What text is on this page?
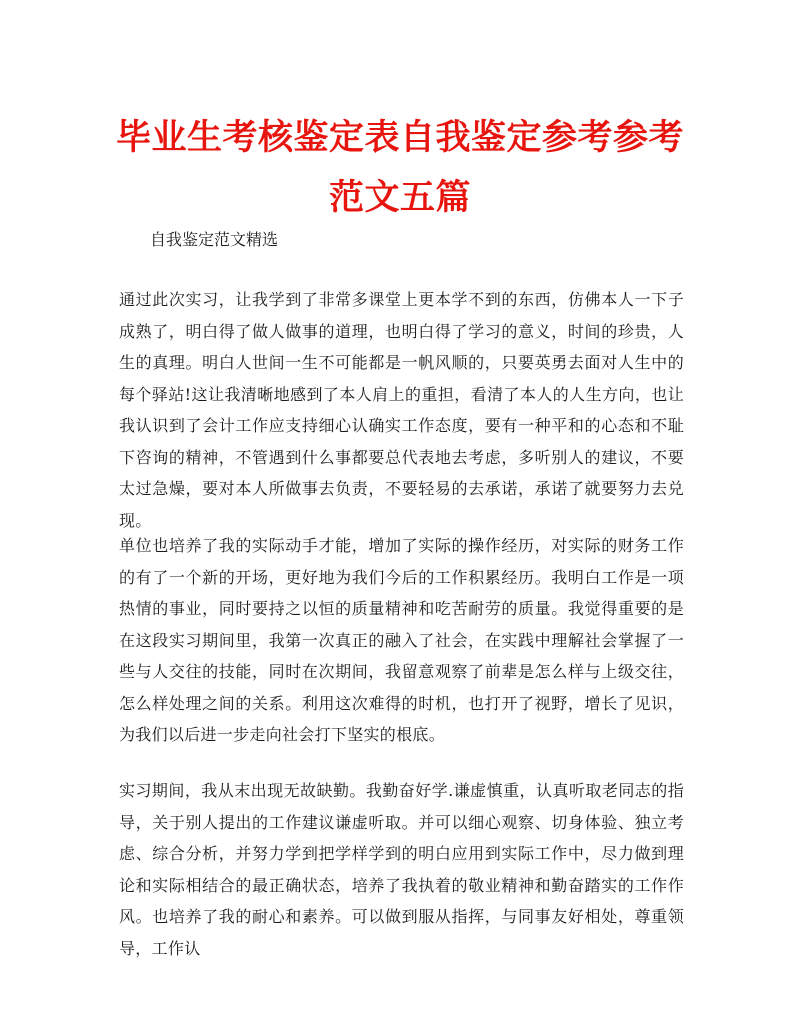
毕业生考核鉴定表自我鉴定参考参考范文五篇

自我鉴定范文精选

通过此次实习，让我学到了非常多课堂上更本学不到的东西，仿佛本人一下子成熟了，明白得了做人做事的道理，也明白得了学习的意义，时间的珍贵，人生的真理。明白人世间一生不可能都是一帆风顺的，只要英勇去面对人生中的每个驿站!这让我清晰地感到了本人肩上的重担，看清了本人的人生方向，也让我认识到了会计工作应支持细心认确实工作态度，要有一种平和的心态和不耻下咨询的精神，不管遇到什么事都要总代表地去考虑，多听别人的建议，不要太过急燥，要对本人所做事去负责，不要轻易的去承诺，承诺了就要努力去兑现。

单位也培养了我的实际动手才能，增加了实际的操作经历，对实际的财务工作的有了一个新的开场，更好地为我们今后的工作积累经历。我明白工作是一项热情的事业，同时要持之以恒的质量精神和吃苦耐劳的质量。我觉得重要的是在这段实习期间里，我第一次真正的融入了社会，在实践中理解社会掌握了一些与人交往的技能，同时在次期间，我留意观察了前辈是怎么样与上级交往，怎么样处理之间的关系。利用这次难得的时机，也打开了视野，增长了见识，为我们以后进一步走向社会打下坚实的根底。

实习期间，我从末出现无故缺勤。我勤奋好学.谦虚慎重，认真听取老同志的指导，关于别人提出的工作建议谦虚听取。并可以细心观察、切身体验、独立考虑、综合分析，并努力学到把学样学到的明白应用到实际工作中，尽力做到理论和实际相结合的最正确状态，培养了我执着的敬业精神和勤奋踏实的工作作风。也培养了我的耐心和素养。可以做到服从指挥，与同事友好相处，尊重领导，工作认
